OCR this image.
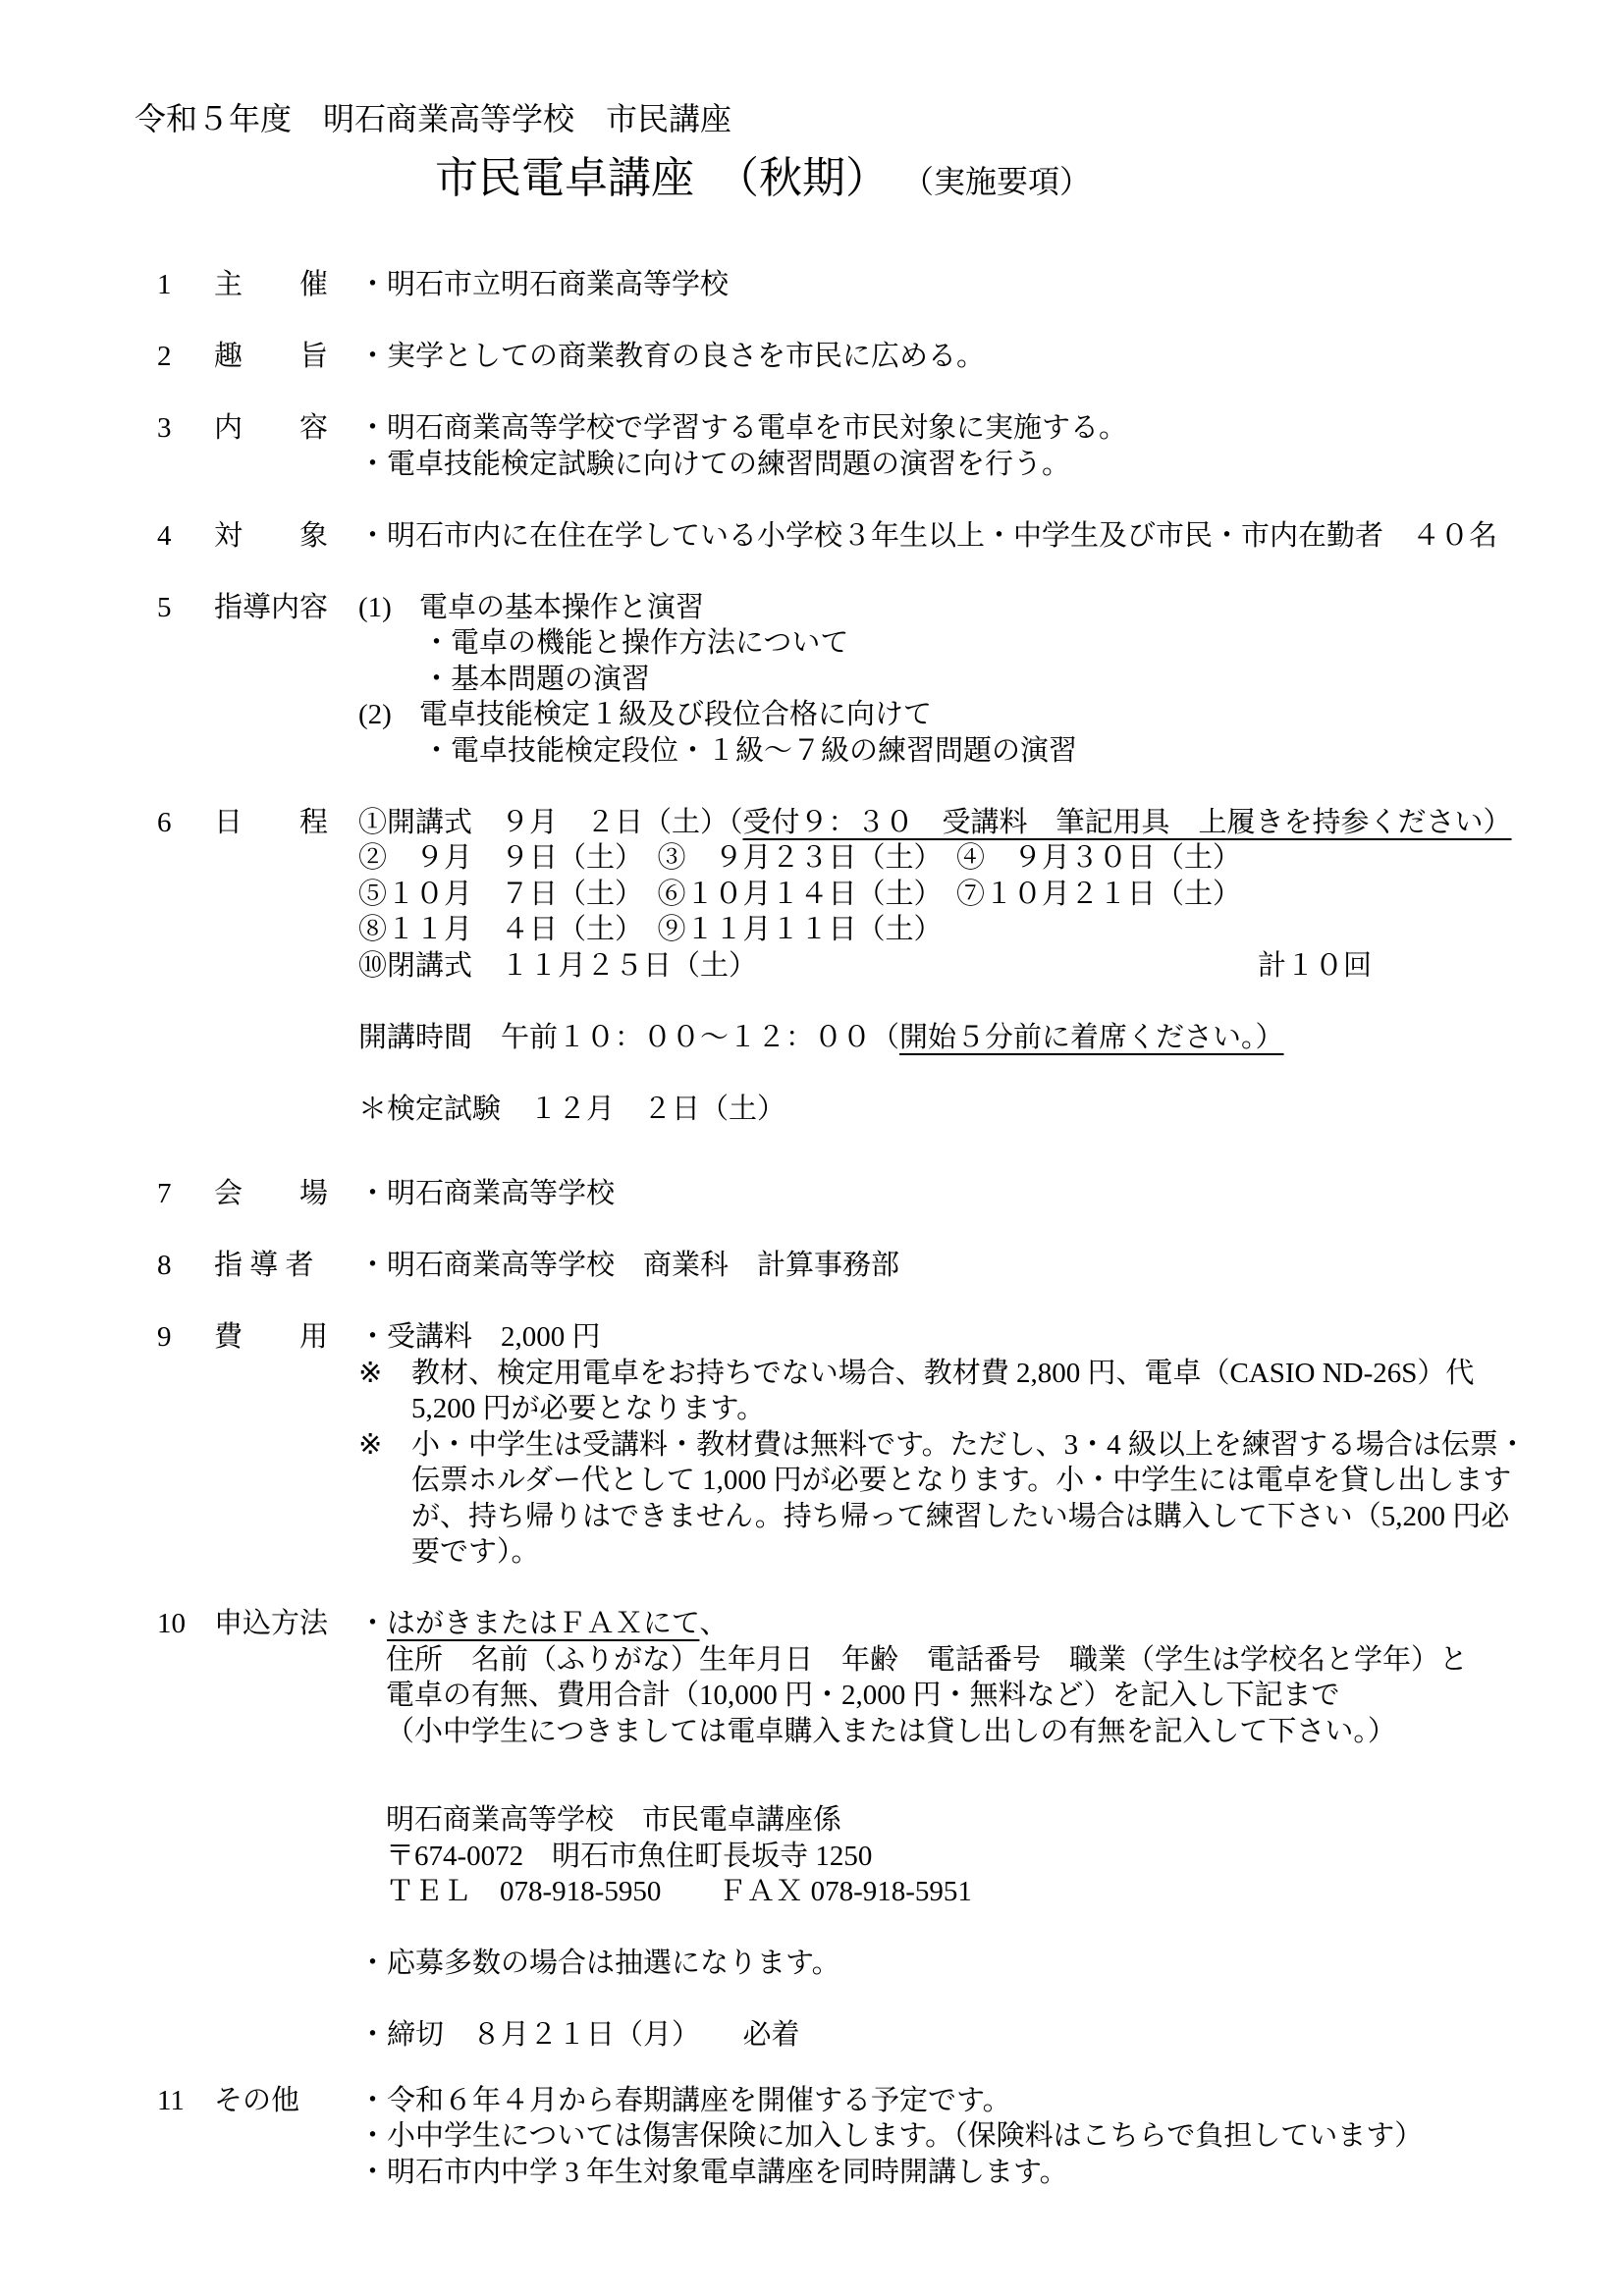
令和５年度　明石商業高等学校　市民講座
市民電卓講座　（秋期） （実施要項）
1	主　　催	・明石市立明石商業高等学校
2	趣　　旨	・実学としての商業教育の良さを市民に広める。
3	内　　容	・明石商業高等学校で学習する電卓を市民対象に実施する。
・電卓技能検定試験に向けての練習問題の演習を行う。
4	対　　象	・明石市内に在住在学している小学校３年生以上・中学生及び市民・市内在勤者　４０名
5	指導内容	(1) 電卓の基本操作と演習
・電卓の機能と操作方法について
・基本問題の演習
(2) 電卓技能検定１級及び段位合格に向けて
・電卓技能検定段位・１級～７級の練習問題の演習
6	日　　程	①開講式　９月　２日（土）（受付９：３０　受講料　筆記用具　上履きを持参ください）
②　９月　９日（土）　③　９月２３日（土）　④　９月３０日（土）
⑤１０月　７日（土）　⑥１０月１４日（土）　⑦１０月２１日（土）
⑧１１月　４日（土）　⑨１１月１１日（土）
⑩閉講式　１１月２５日（土）	計１０回
開講時間　午前１０：００～１２：００（開始５分前に着席ください。）
＊検定試験　１２月　２日（土）
7	会　　場	・明石商業高等学校
8	指 導 者	・明石商業高等学校　商業科　計算事務部
9	費　　用	・受講料　2,000 円
※	教材、検定用電卓をお持ちでない場合、教材費 2,800 円、電卓（CASIO ND-26S）代
5,200 円が必要となります。
※	小・中学生は受講料・教材費は無料です。ただし、3・4 級以上を練習する場合は伝票・
伝票ホルダー代として 1,000 円が必要となります。小・中学生には電卓を貸し出します
が、持ち帰りはできません。持ち帰って練習したい場合は購入して下さい（5,200 円必
要です）。
10	申込方法	・はがきまたはＦＡＸにて、
住所　名前（ふりがな）生年月日　年齢　電話番号　職業（学生は学校名と学年）と
電卓の有無、費用合計（10,000 円・2,000 円・無料など）を記入し下記まで
（小中学生につきましては電卓購入または貸し出しの有無を記入して下さい。）
明石商業高等学校　市民電卓講座係
〒674-0072　明石市魚住町長坂寺 1250
ＴＥＬ　078-918-5950　　ＦＡＸ 078-918-5951
・応募多数の場合は抽選になります。
・締切　８月２１日（月）　　必着
11	その他	・令和６年４月から春期講座を開催する予定です。
・小中学生については傷害保険に加入します。（保険料はこちらで負担しています）
・明石市内中学 3 年生対象電卓講座を同時開講します。
